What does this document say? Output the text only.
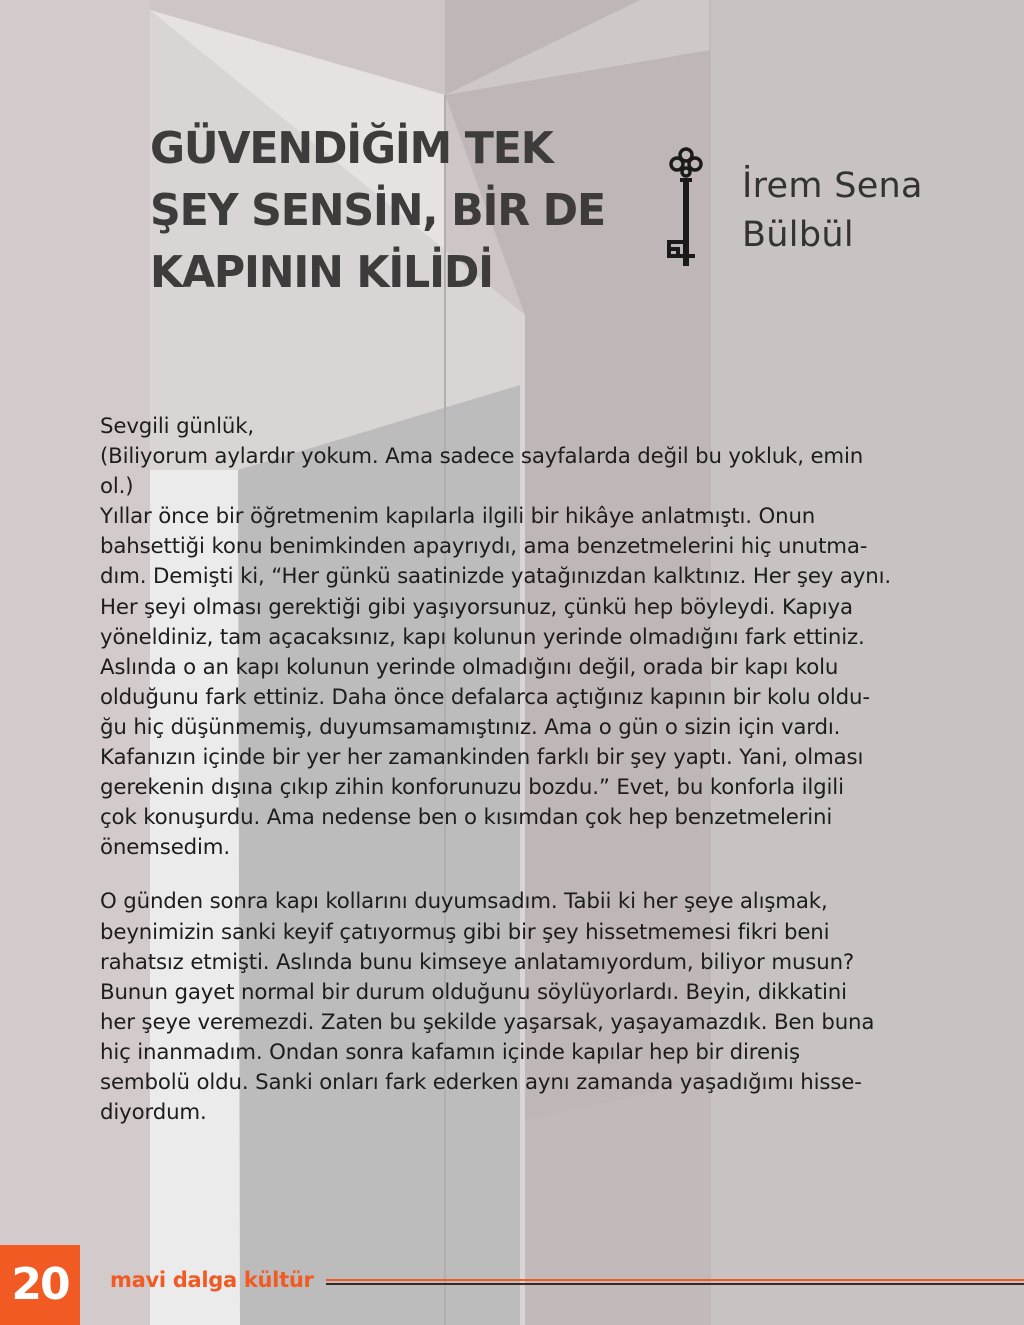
GÜVENDİĞİM TEK
ŞEY SENSİN, BİR DE
KAPININ KİLİDİ
İrem Sena
Bülbül

Sevgili günlük,
(Biliyorum aylardır yokum. Ama sadece sayfalarda değil bu yokluk, emin
ol.)
Yıllar önce bir öğretmenim kapılarla ilgili bir hikâye anlatmıştı. Onun
bahsettiği konu benimkinden apayrıydı, ama benzetmelerini hiç unutma-
dım. Demişti ki, “Her günkü saatinizde yatağınızdan kalktınız. Her şey aynı.
Her şeyi olması gerektiği gibi yaşıyorsunuz, çünkü hep böyleydi. Kapıya
yöneldiniz, tam açacaksınız, kapı kolunun yerinde olmadığını fark ettiniz.
Aslında o an kapı kolunun yerinde olmadığını değil, orada bir kapı kolu
olduğunu fark ettiniz. Daha önce defalarca açtığınız kapının bir kolu oldu-
ğu hiç düşünmemiş, duyumsamamıştınız. Ama o gün o sizin için vardı.
Kafanızın içinde bir yer her zamankinden farklı bir şey yaptı. Yani, olması
gerekenin dışına çıkıp zihin konforunuzu bozdu.” Evet, bu konforla ilgili
çok konuşurdu. Ama nedense ben o kısımdan çok hep benzetmelerini
önemsedim.

O günden sonra kapı kollarını duyumsadım. Tabii ki her şeye alışmak,
beynimizin sanki keyif çatıyormuş gibi bir şey hissetmemesi fikri beni
rahatsız etmişti. Aslında bunu kimseye anlatamıyordum, biliyor musun?
Bunun gayet normal bir durum olduğunu söylüyorlardı. Beyin, dikkatini
her şeye veremezdi. Zaten bu şekilde yaşarsak, yaşayamazdık. Ben buna
hiç inanmadım. Ondan sonra kafamın içinde kapılar hep bir direniş
sembolü oldu. Sanki onları fark ederken aynı zamanda yaşadığımı hisse-
diyordum.

20	mavi dalga kültür
